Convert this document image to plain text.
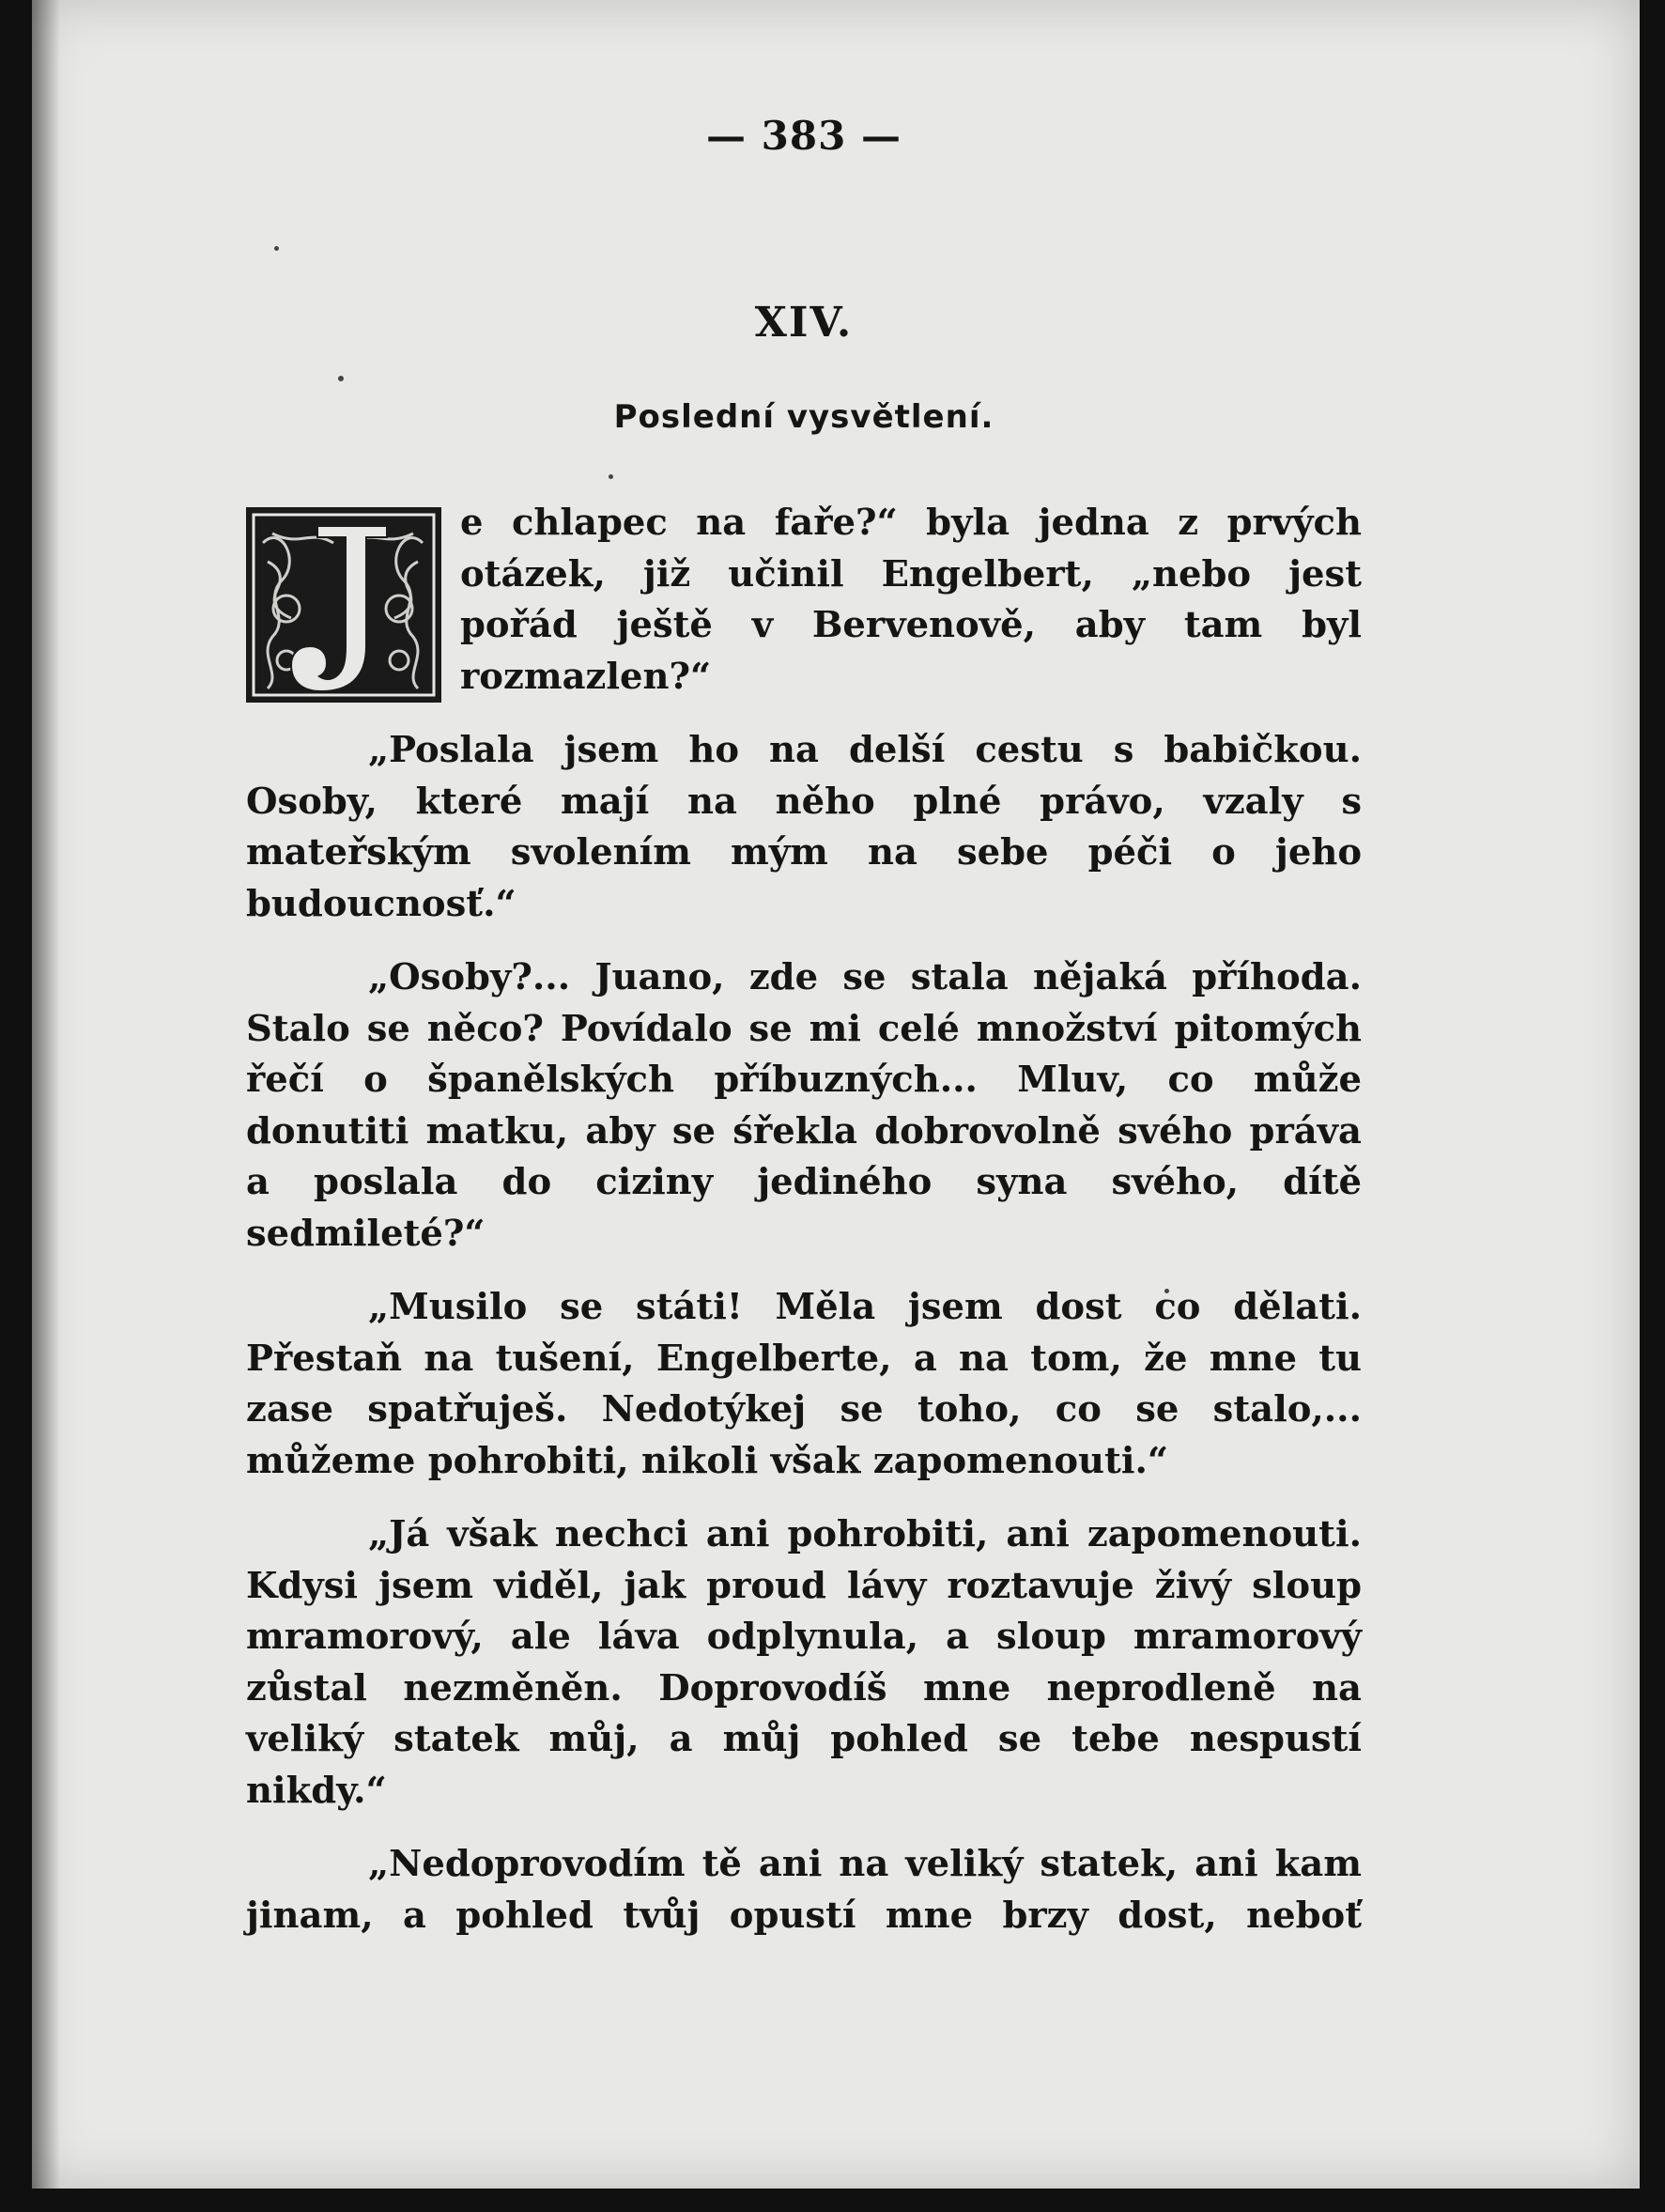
— 383 —
XIV.
Poslední vysvětlení.

e chlapec na faře?“ byla jedna z prvých otázek, již učinil Engelbert, „nebo jest pořád ještě v Bervenově, aby tam byl rozmazlen?“

„Poslala jsem ho na delší cestu s babičkou. Osoby, které mají na něho plné právo, vzaly s mateřským svolením mým na sebe péči o jeho budoucnosť.“

„Osoby?... Juano, zde se stala nějaká příhoda. Stalo se něco? Povídalo se mi celé množství pitomých řečí o španělských příbuzných... Mluv, co může donutiti matku, aby se śřekla dobrovolně svého práva a poslala do ciziny jediného syna svého, dítě sedmileté?“

„Musilo se státi! Měla jsem dost co dělati. Přestaň na tušení, Engelberte, a na tom, že mne tu zase spatřuješ. Nedotýkej se toho, co se stalo,... můžeme pohrobiti, nikoli však zapomenouti.“

„Já však nechci ani pohrobiti, ani zapomenouti. Kdysi jsem viděl, jak proud lávy roztavuje živý sloup mramorový, ale láva odplynula, a sloup mramorový zůstal nezměněn. Doprovodíš mne neprodleně na veliký statek můj, a můj pohled se tebe nespustí nikdy.“

„Nedoprovodím tě ani na veliký statek, ani kam jinam, a pohled tvůj opustí mne brzy dost, neboť
